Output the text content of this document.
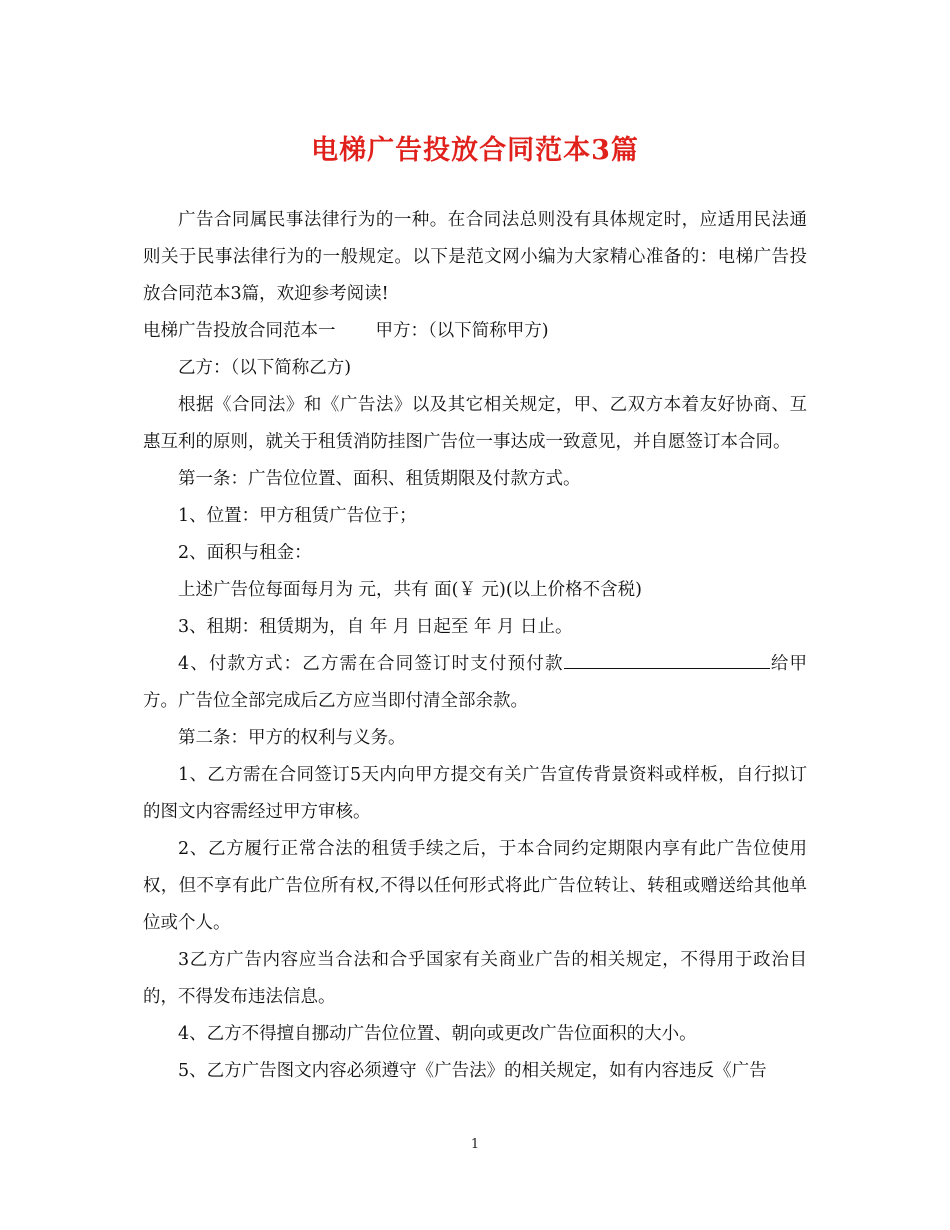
电梯广告投放合同范本3篇

广告合同属民事法律行为的一种。在合同法总则没有具体规定时，应适用民法通则关于民事法律行为的一般规定。以下是范文网小编为大家精心准备的：电梯广告投放合同范本3篇，欢迎参考阅读!

电梯广告投放合同范本一 甲方：（以下简称甲方)

乙方：（以下简称乙方)

根据《合同法》和《广告法》以及其它相关规定，甲、乙双方本着友好协商、互惠互利的原则，就关于租赁消防挂图广告位一事达成一致意见，并自愿签订本合同。

第一条：广告位位置、面积、租赁期限及付款方式。

1、位置：甲方租赁广告位于；

2、面积与租金：

上述广告位每面每月为 元，共有 面(￥ 元)(以上价格不含税)

3、租期：租赁期为，自 年 月 日起至 年 月 日止。

4、付款方式：乙方需在合同签订时支付预付款	给甲方。广告位全部完成后乙方应当即付清全部余款。

第二条：甲方的权利与义务。

1、乙方需在合同签订5天内向甲方提交有关广告宣传背景资料或样板，自行拟订的图文内容需经过甲方审核。

2、乙方履行正常合法的租赁手续之后，于本合同约定期限内享有此广告位使用权，但不享有此广告位所有权,不得以任何形式将此广告位转让、转租或赠送给其他单位或个人。

3乙方广告内容应当合法和合乎国家有关商业广告的相关规定，不得用于政治目的，不得发布违法信息。

4、乙方不得擅自挪动广告位位置、朝向或更改广告位面积的大小。

5、乙方广告图文内容必须遵守《广告法》的相关规定，如有内容违反《广告

1
